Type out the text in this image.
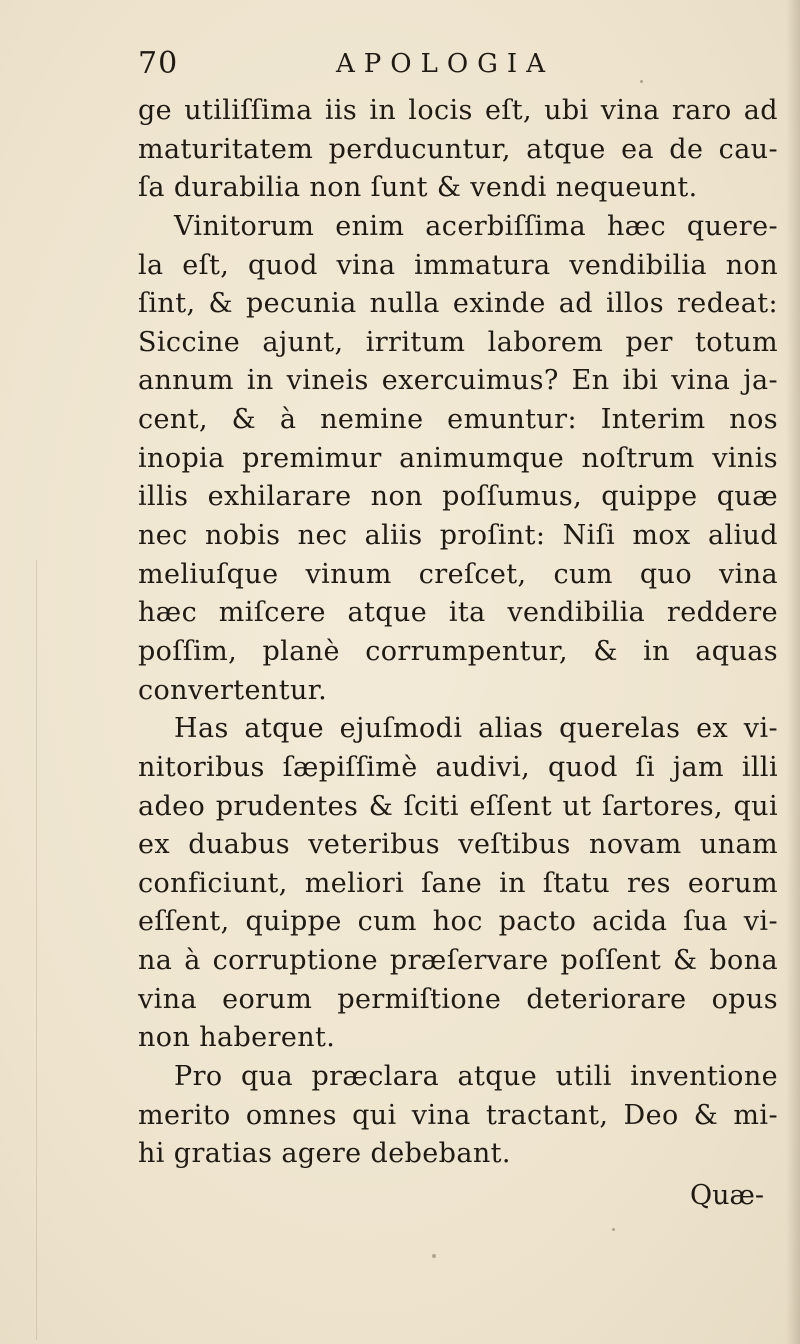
70	APOLOGIA
ge utiliſſima iis in locis eſt, ubi vina raro ad
maturitatem perducuntur, atque ea de cau-
ſa durabilia non ſunt & vendi nequeunt.
Vinitorum enim acerbiſſima hæc quere-
la eſt, quod vina immatura vendibilia non
ſint, & pecunia nulla exinde ad illos redeat:
Siccine ajunt, irritum laborem per totum
annum in vineis exercuimus? En ibi vina ja-
cent, & à nemine emuntur: Interim nos
inopia premimur animumque noſtrum vinis
illis exhilarare non poſſumus, quippe quæ
nec nobis nec aliis proſint: Niſi mox aliud
meliuſque vinum creſcet, cum quo vina
hæc miſcere atque ita vendibilia reddere
poſſim, planè corrumpentur, & in aquas
convertentur.
Has atque ejuſmodi alias querelas ex vi-
nitoribus ſæpiſſimè audivi, quod ſi jam illi
adeo prudentes & ſciti eſſent ut ſartores, qui
ex duabus veteribus veſtibus novam unam
conficiunt, meliori ſane in ſtatu res eorum
eſſent, quippe cum hoc pacto acida ſua vi-
na à corruptione præſervare poſſent & bona
vina eorum permiſtione deteriorare opus
non haberent.
Pro qua præclara atque utili inventione
merito omnes qui vina tractant, Deo & mi-
hi gratias agere debebant.
Quæ-
